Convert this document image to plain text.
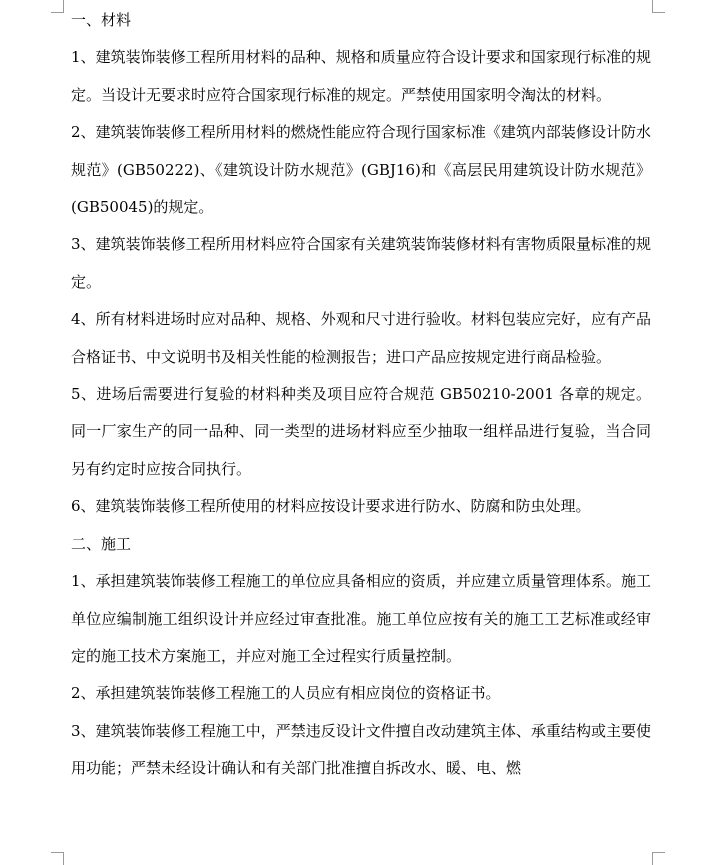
一、材料

1、建筑装饰装修工程所用材料的品种、规格和质量应符合设计要求和国家现行标准的规定。当设计无要求时应符合国家现行标准的规定。严禁使用国家明令淘汰的材料。

2、建筑装饰装修工程所用材料的燃烧性能应符合现行国家标准《建筑内部装修设计防水规范》(GB50222)、《建筑设计防水规范》(GBJ16)和《高层民用建筑设计防水规范》(GB50045)的规定。

3、建筑装饰装修工程所用材料应符合国家有关建筑装饰装修材料有害物质限量标准的规定。

4、所有材料进场时应对品种、规格、外观和尺寸进行验收。材料包装应完好，应有产品合格证书、中文说明书及相关性能的检测报告；进口产品应按规定进行商品检验。

5、进场后需要进行复验的材料种类及项目应符合规范 GB50210-2001 各章的规定。同一厂家生产的同一品种、同一类型的进场材料应至少抽取一组样品进行复验，当合同另有约定时应按合同执行。

6、建筑装饰装修工程所使用的材料应按设计要求进行防水、防腐和防虫处理。

二、施工

1、承担建筑装饰装修工程施工的单位应具备相应的资质，并应建立质量管理体系。施工单位应编制施工组织设计并应经过审查批准。施工单位应按有关的施工工艺标准或经审定的施工技术方案施工，并应对施工全过程实行质量控制。

2、承担建筑装饰装修工程施工的人员应有相应岗位的资格证书。

3、建筑装饰装修工程施工中，严禁违反设计文件擅自改动建筑主体、承重结构或主要使用功能；严禁未经设计确认和有关部门批准擅自拆改水、暖、电、燃
